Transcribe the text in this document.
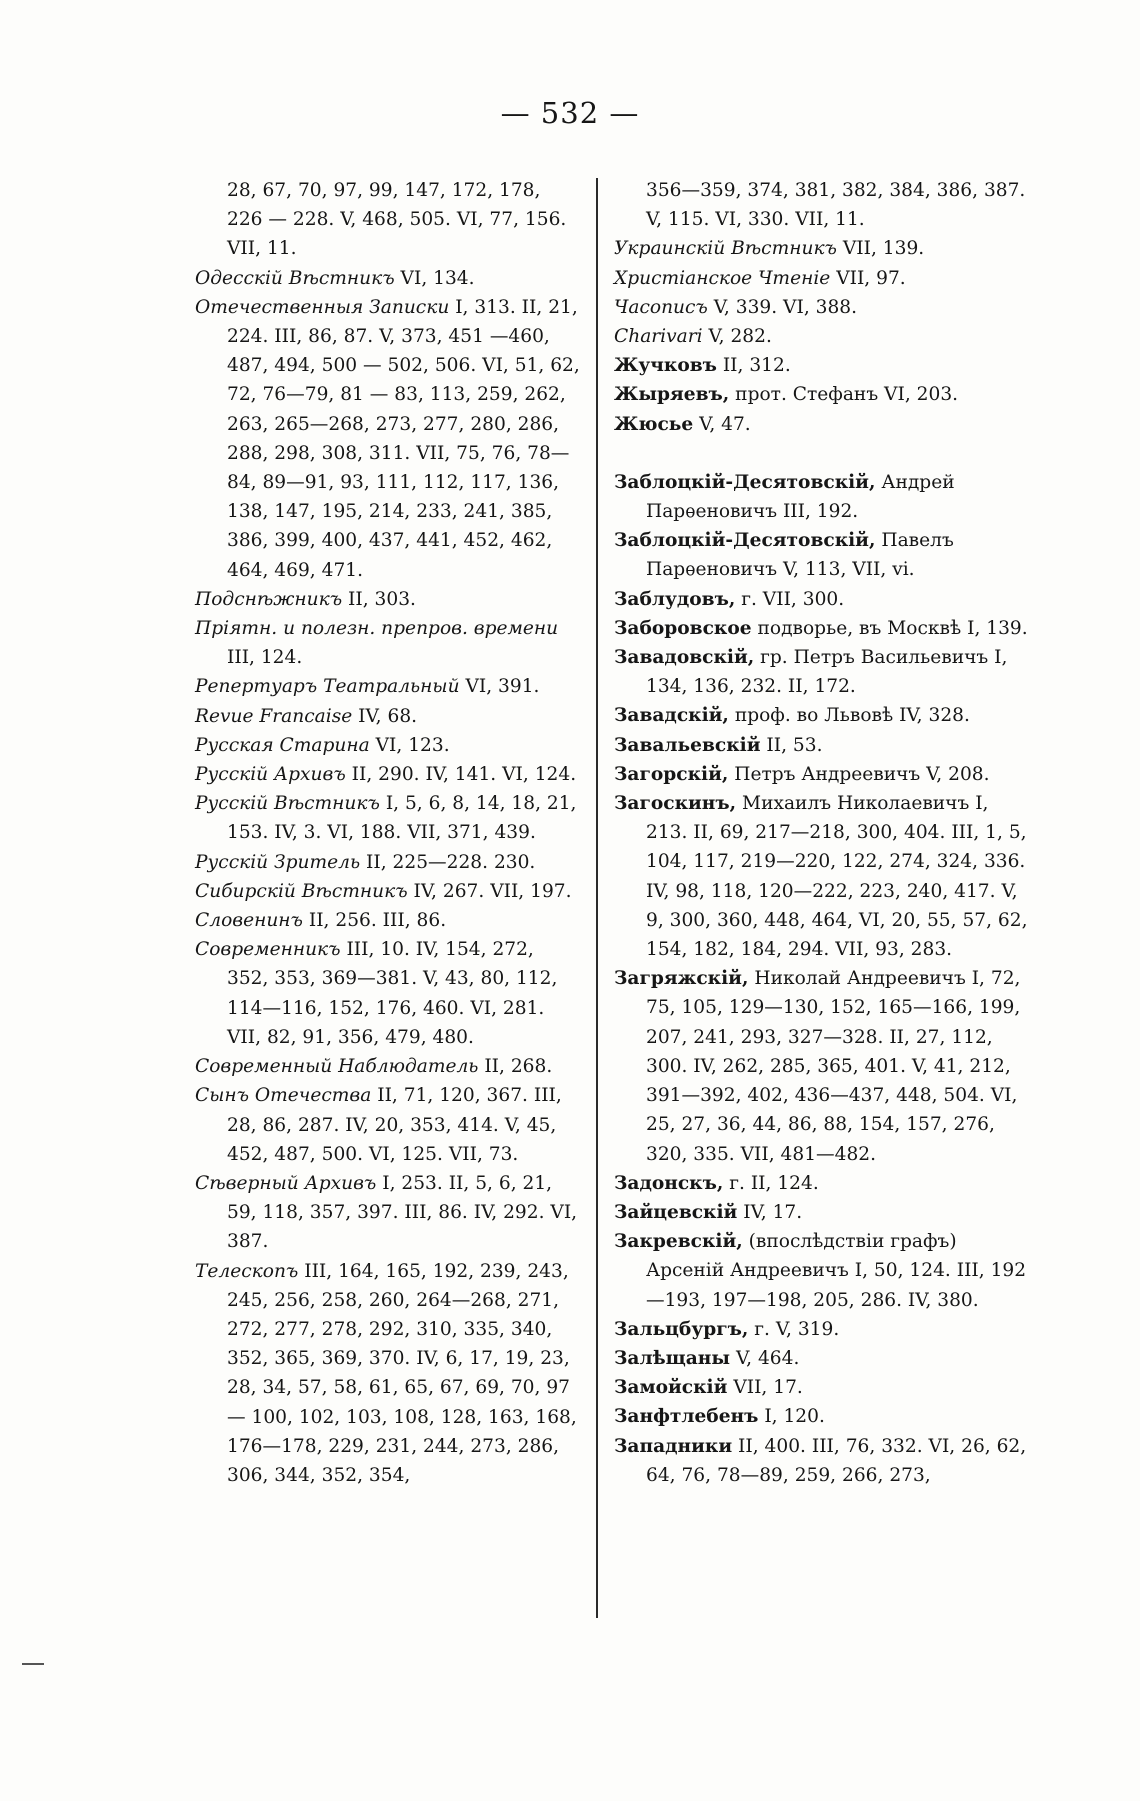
— 532 —

28, 67, 70, 97, 99, 147, 172, 178, 226 — 228. V, 468, 505. VI, 77, 156. VII, 11.

Одесскій Вѣстникъ VI, 134.

Отечественныя Записки I, 313. II, 21, 224. III, 86, 87. V, 373, 451 —460, 487, 494, 500 — 502, 506. VI, 51, 62, 72, 76—79, 81 — 83, 113, 259, 262, 263, 265—268, 273, 277, 280, 286, 288, 298, 308, 311. VII, 75, 76, 78—84, 89—91, 93, 111, 112, 117, 136, 138, 147, 195, 214, 233, 241, 385, 386, 399, 400, 437, 441, 452, 462, 464, 469, 471.

Подснѣжникъ II, 303.

Пріятн. и полезн. препров. времени III, 124.

Репертуаръ Театральный VI, 391.

Revue Francaise IV, 68.

Русская Старина VI, 123.

Русскій Архивъ II, 290. IV, 141. VI, 124.

Русскій Вѣстникъ I, 5, 6, 8, 14, 18, 21, 153. IV, 3. VI, 188. VII, 371, 439.

Русскій Зритель II, 225—228. 230.

Сибирскій Вѣстникъ IV, 267. VII, 197.

Словенинъ II, 256. III, 86.

Современникъ III, 10. IV, 154, 272, 352, 353, 369—381. V, 43, 80, 112, 114—116, 152, 176, 460. VI, 281. VII, 82, 91, 356, 479, 480.

Современный Наблюдатель II, 268.

Сынъ Отечества II, 71, 120, 367. III, 28, 86, 287. IV, 20, 353, 414. V, 45, 452, 487, 500. VI, 125. VII, 73.

Сѣверный Архивъ I, 253. II, 5, 6, 21, 59, 118, 357, 397. III, 86. IV, 292. VI, 387.

Телескопъ III, 164, 165, 192, 239, 243, 245, 256, 258, 260, 264—268, 271, 272, 277, 278, 292, 310, 335, 340, 352, 365, 369, 370. IV, 6, 17, 19, 23, 28, 34, 57, 58, 61, 65, 67, 69, 70, 97 — 100, 102, 103, 108, 128, 163, 168, 176—178, 229, 231, 244, 273, 286, 306, 344, 352, 354,

356—359, 374, 381, 382, 384, 386, 387. V, 115. VI, 330. VII, 11.

Украинскій Вѣстникъ VII, 139.

Христіанское Чтеніе VII, 97.

Часописъ V, 339. VI, 388.

Charivari V, 282.

Жучковъ II, 312.

Жыряевъ, прот. Стефанъ VI, 203.

Жюсье V, 47.

Заблоцкій-Десятовскій, Андрей Парѳеновичъ III, 192.

Заблоцкій-Десятовскій, Павелъ Парѳеновичъ V, 113, VII, vi.

Заблудовъ, г. VII, 300.

Заборовское подворье, въ Москвѣ I, 139.

Завадовскій, гр. Петръ Васильевичъ I, 134, 136, 232. II, 172.

Завадскій, проф. во Львовѣ IV, 328.

Завальевскій II, 53.

Загорскій, Петръ Андреевичъ V, 208.

Загоскинъ, Михаилъ Николаевичъ I, 213. II, 69, 217—218, 300, 404. III, 1, 5, 104, 117, 219—220, 122, 274, 324, 336. IV, 98, 118, 120—222, 223, 240, 417. V, 9, 300, 360, 448, 464, VI, 20, 55, 57, 62, 154, 182, 184, 294. VII, 93, 283.

Загряжскій, Николай Андреевичъ I, 72, 75, 105, 129—130, 152, 165—166, 199, 207, 241, 293, 327—328. II, 27, 112, 300. IV, 262, 285, 365, 401. V, 41, 212, 391—392, 402, 436—437, 448, 504. VI, 25, 27, 36, 44, 86, 88, 154, 157, 276, 320, 335. VII, 481—482.

Задонскъ, г. II, 124.

Зайцевскій IV, 17.

Закревскій, (впослѣдствіи графъ) Арсеній Андреевичъ I, 50, 124. III, 192—193, 197—198, 205, 286. IV, 380.

Зальцбургъ, г. V, 319.

Залѣщаны V, 464.

Замойскій VII, 17.

Занфтлебенъ I, 120.

Западники II, 400. III, 76, 332. VI, 26, 62, 64, 76, 78—89, 259, 266, 273,
